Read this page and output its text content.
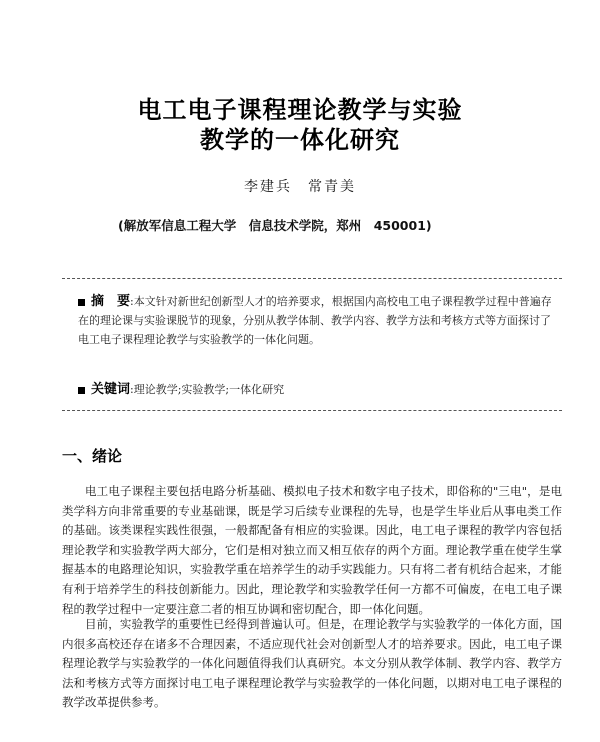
电工电子课程理论教学与实验
教学的一体化研究
李建兵　常青美
(解放军信息工程大学　信息技术学院，郑州　450001)
摘　要:本文针对新世纪创新型人才的培养要求，根据国内高校电工电子课程教学过程中普遍存在的理论课与实验课脱节的现象，分别从教学体制、教学内容、教学方法和考核方式等方面探讨了电工电子课程理论教学与实验教学的一体化问题。
关键词:理论教学;实验教学;一体化研究
一、绪论

电工电子课程主要包括电路分析基础、模拟电子技术和数字电子技术，即俗称的"三电"，是电类学科方向非常重要的专业基础课，既是学习后续专业课程的先导，也是学生毕业后从事电类工作的基础。该类课程实践性很强，一般都配备有相应的实验课。因此，电工电子课程的教学内容包括理论教学和实验教学两大部分，它们是相对独立而又相互依存的两个方面。理论教学重在使学生掌握基本的电路理论知识，实验教学重在培养学生的动手实践能力。只有将二者有机结合起来，才能有利于培养学生的科技创新能力。因此，理论教学和实验教学任何一方都不可偏废，在电工电子课程的教学过程中一定要注意二者的相互协调和密切配合，即一体化问题。

目前，实验教学的重要性已经得到普遍认可。但是，在理论教学与实验教学的一体化方面，国内很多高校还存在诸多不合理因素，不适应现代社会对创新型人才的培养要求。因此，电工电子课程理论教学与实验教学的一体化问题值得我们认真研究。本文分别从教学体制、教学内容、教学方法和考核方式等方面探讨电工电子课程理论教学与实验教学的一体化问题，以期对电工电子课程的教学改革提供参考。
